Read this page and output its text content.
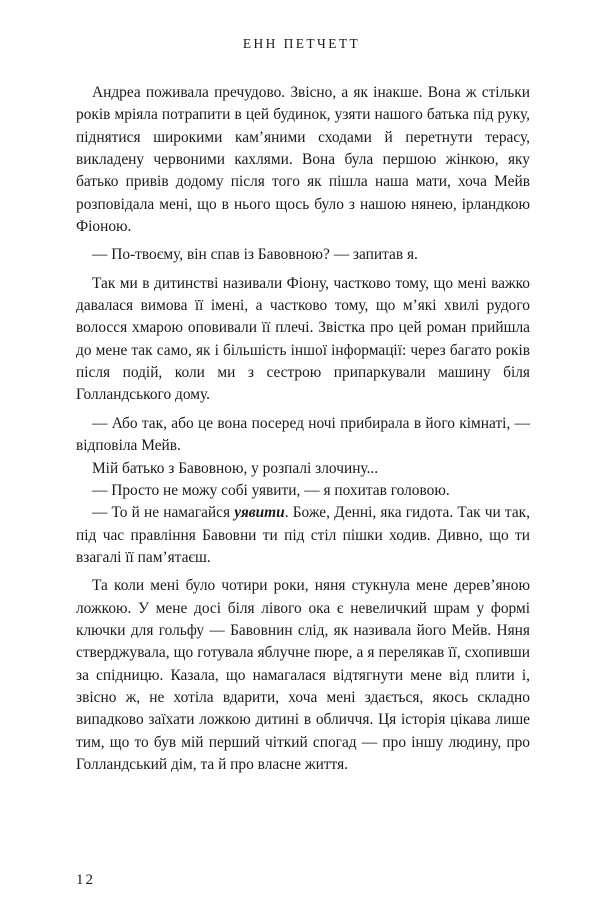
ЕНН ПЕТЧЕТТ

Андреа поживала пречудово. Звісно, а як інакше. Вона ж стільки років мріяла потрапити в цей будинок, узяти нашого батька під руку, піднятися широкими кам’яними сходами й перетнути терасу, викладену червоними кахлями. Вона була першою жінкою, яку батько привів додому після того як пішла наша мати, хоча Мейв розповідала мені, що в нього щось було з нашою нянею, ірландкою Фіоною.

— По-твоєму, він спав із Бавовною? — запитав я.

Так ми в дитинстві називали Фіону, частково тому, що мені важко давалася вимова її імені, а частково тому, що м’які хвилі рудого волосся хмарою оповивали її плечі. Звістка про цей роман прийшла до мене так само, як і більшість іншої інформації: через багато років після подій, коли ми з сестрою припаркували машину біля Голландського дому.

— Або так, або це вона посеред ночі прибирала в його кімнаті, — відповіла Мейв.

Мій батько з Бавовною, у розпалі злочину...

— Просто не можу собі уявити, — я похитав головою.

— То й не намагайся уявити. Боже, Денні, яка гидота. Так чи так, під час правління Бавовни ти під стіл пішки ходив. Дивно, що ти взагалі її пам’ятаєш.

Та коли мені було чотири роки, няня стукнула мене дерев’яною ложкою. У мене досі біля лівого ока є невеличкий шрам у формі ключки для гольфу — Бавовнин слід, як називала його Мейв. Няня стверджувала, що готувала яблучне пюре, а я перелякав її, схопивши за спідницю. Казала, що намагалася відтягнути мене від плити і, звісно ж, не хотіла вдарити, хоча мені здається, якось складно випадково заїхати ложкою дитині в обличчя. Ця історія цікава лише тим, що то був мій перший чіткий спогад — про іншу людину, про Голландський дім, та й про власне життя.

12
